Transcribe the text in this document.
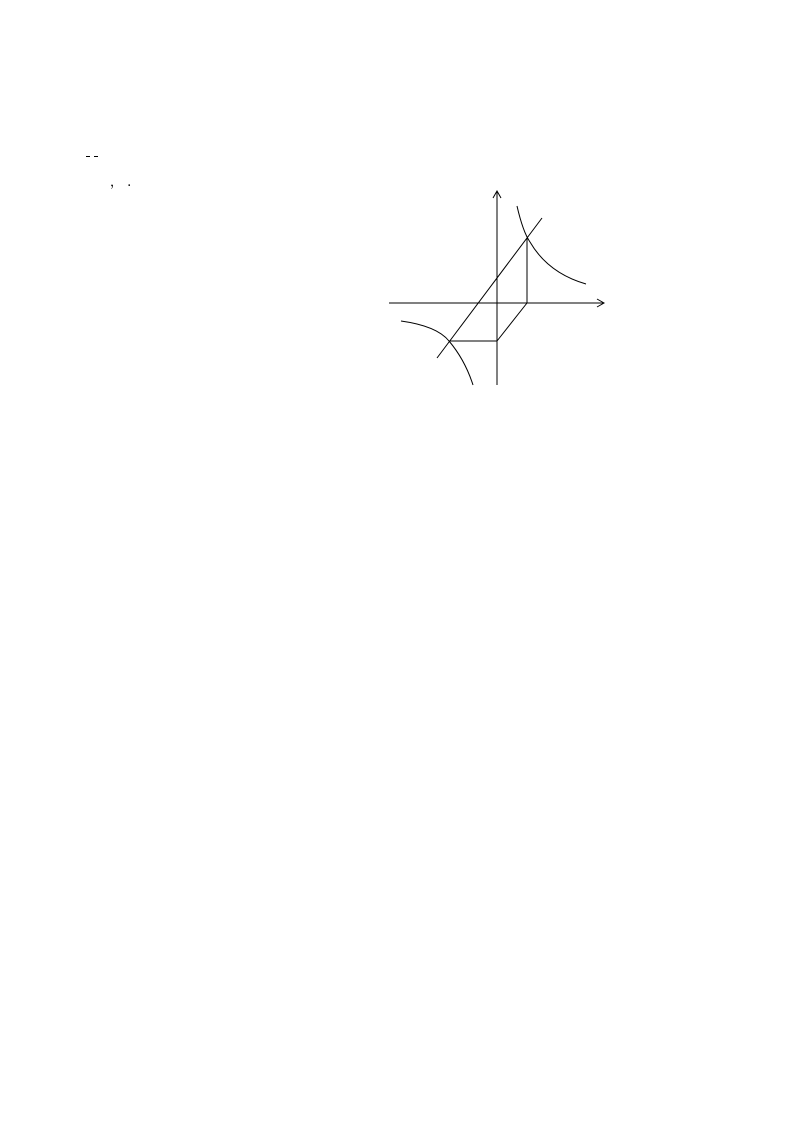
， .
